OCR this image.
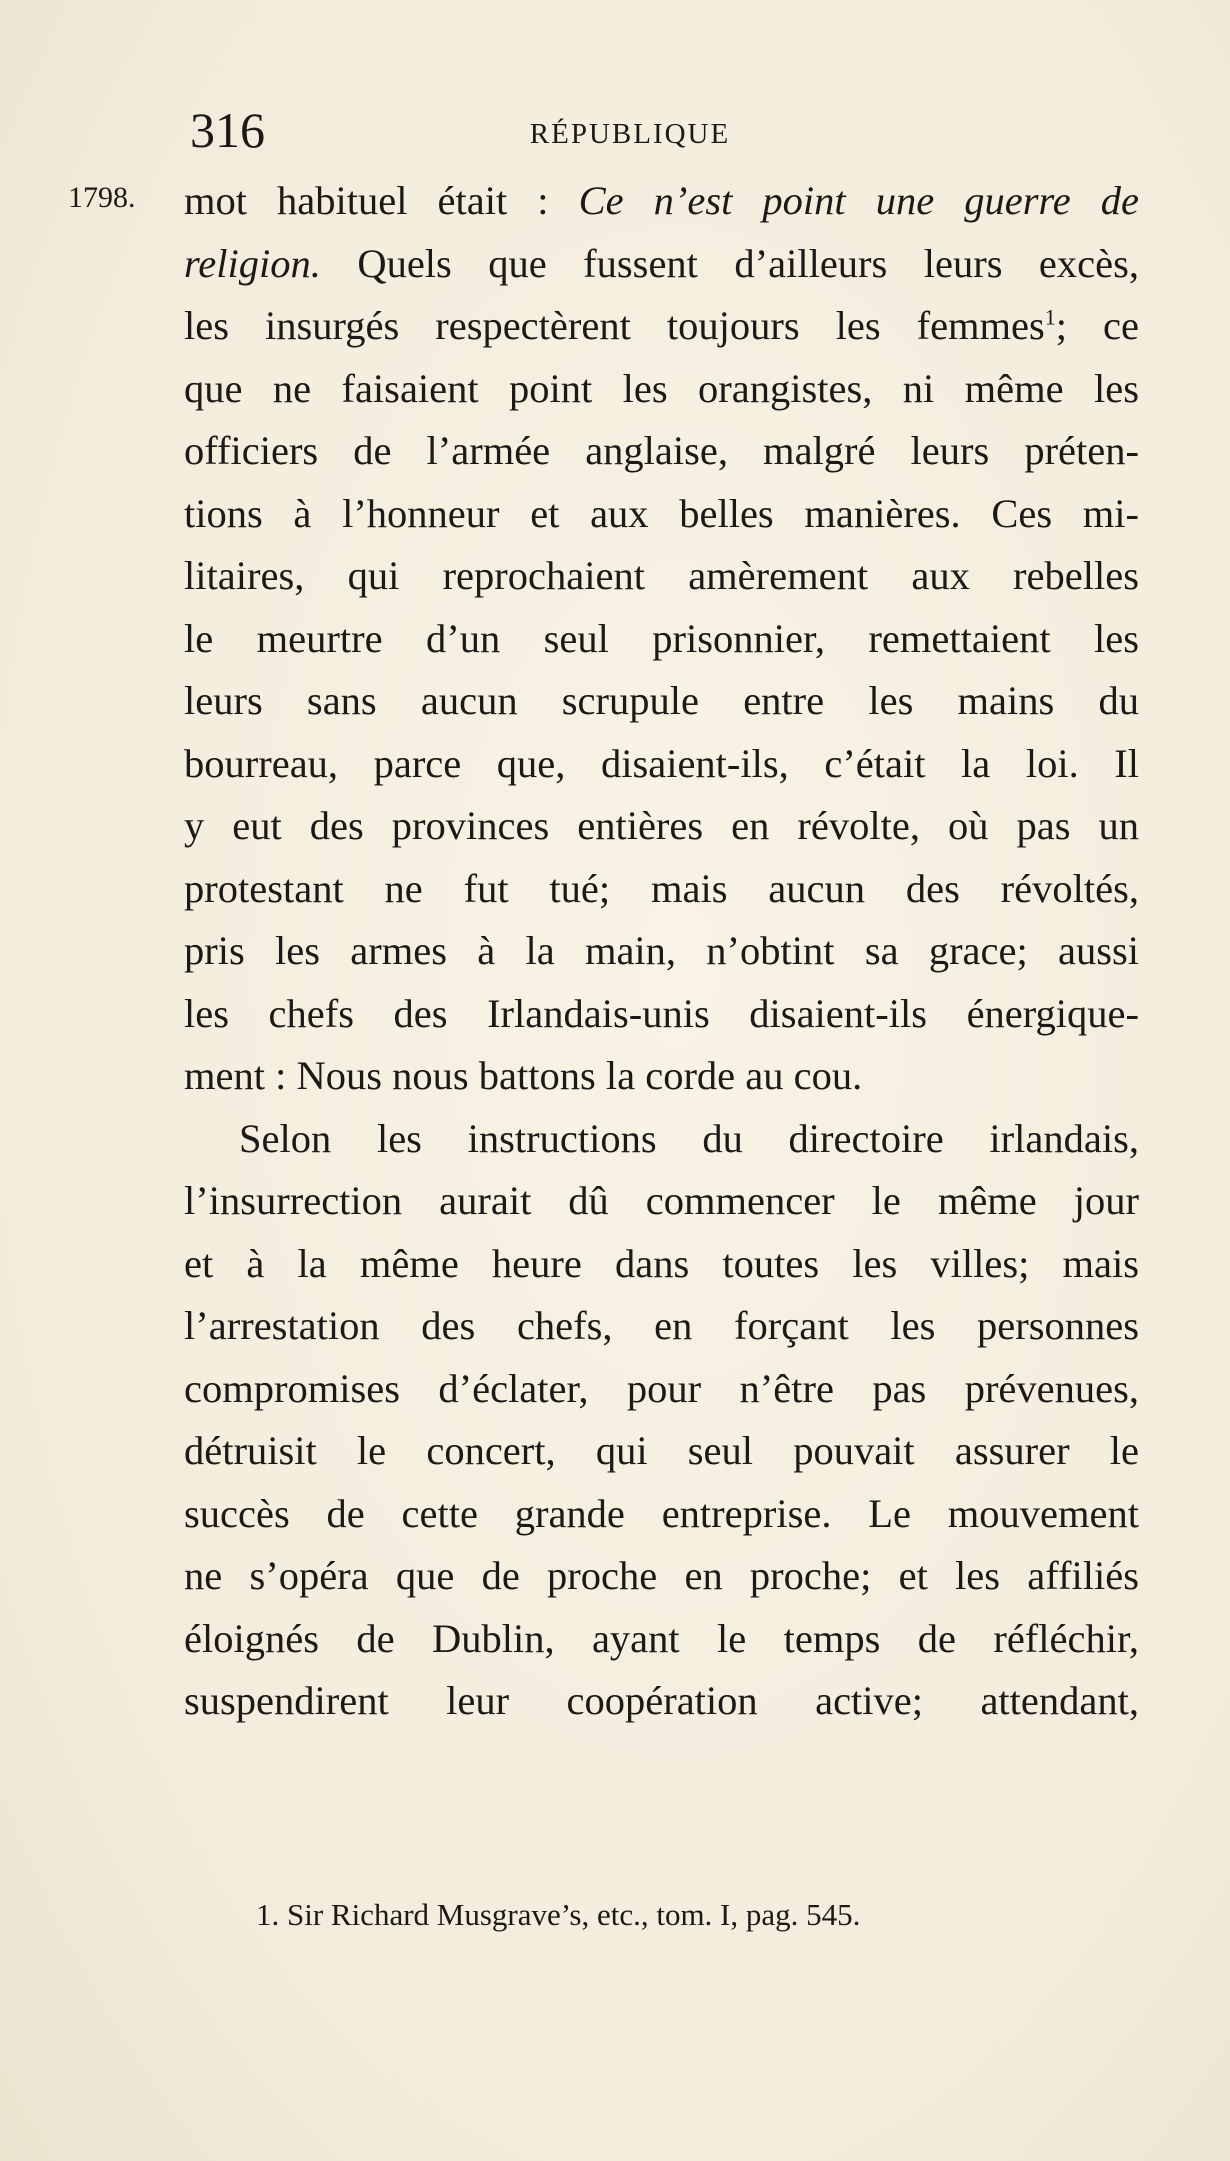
316	RÉPUBLIQUE
1798. mot habituel était : Ce n’est point une guerre de
religion. Quels que fussent d’ailleurs leurs excès,
les insurgés respectèrent toujours les femmes$^1$; ce
que ne faisaient point les orangistes, ni même les
officiers de l’armée anglaise, malgré leurs préten-
tions à l’honneur et aux belles manières. Ces mi-
litaires, qui reprochaient amèrement aux rebelles
le meurtre d’un seul prisonnier, remettaient les
leurs sans aucun scrupule entre les mains du
bourreau, parce que, disaient-ils, c’était la loi. Il
y eut des provinces entières en révolte, où pas un
protestant ne fut tué; mais aucun des révoltés,
pris les armes à la main, n’obtint sa grace; aussi
les chefs des Irlandais-unis disaient-ils énergique-
ment : Nous nous battons la corde au cou.
Selon les instructions du directoire irlandais,
l’insurrection aurait dû commencer le même jour
et à la même heure dans toutes les villes; mais
l’arrestation des chefs, en forçant les personnes
compromises d’éclater, pour n’être pas prévenues,
détruisit le concert, qui seul pouvait assurer le
succès de cette grande entreprise. Le mouvement
ne s’opéra que de proche en proche; et les affiliés
éloignés de Dublin, ayant le temps de réfléchir,
suspendirent leur coopération active; attendant,
1. Sir Richard Musgrave’s, etc., tom. I, pag. 545.
